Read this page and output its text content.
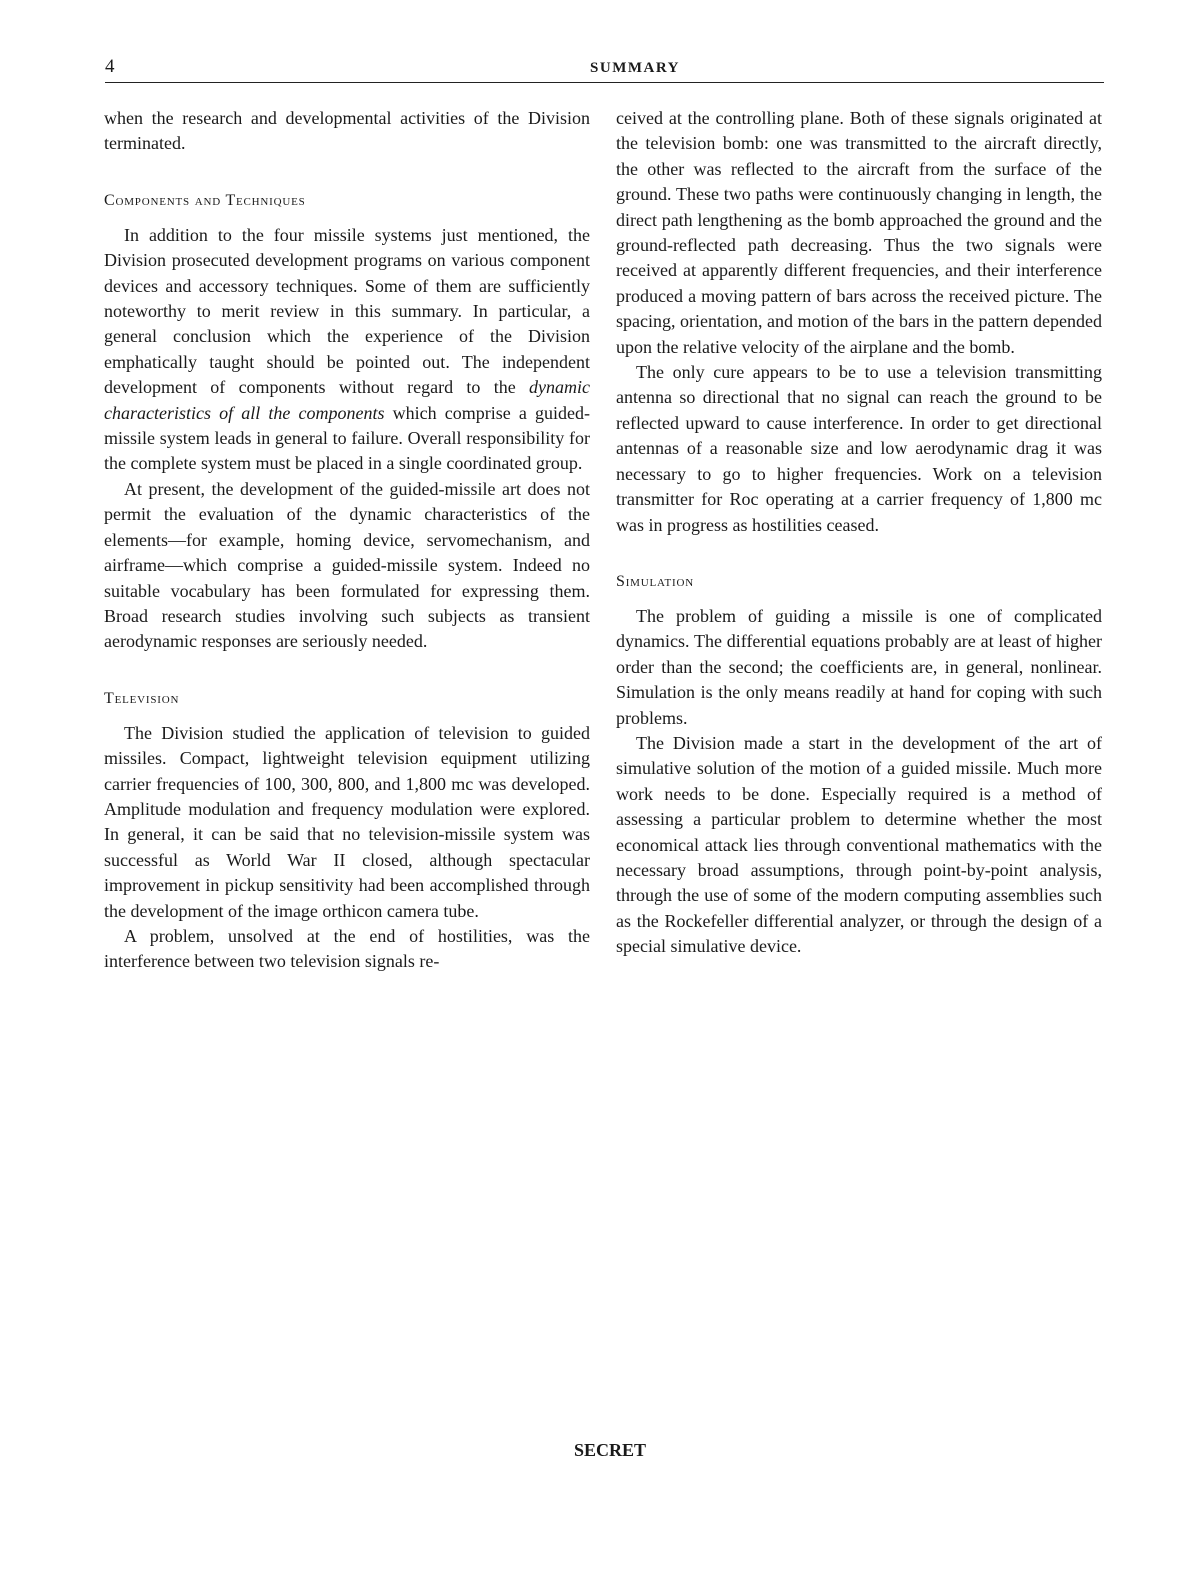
4	SUMMARY

when the research and developmental activities of the Division terminated.

Components and Techniques

In addition to the four missile systems just mentioned, the Division prosecuted development programs on various component devices and accessory techniques. Some of them are sufficiently noteworthy to merit review in this summary. In particular, a general conclusion which the experience of the Division emphatically taught should be pointed out. The independent development of components without regard to the dynamic characteristics of all the components which comprise a guided-missile system leads in general to failure. Overall responsibility for the complete system must be placed in a single coordinated group.

At present, the development of the guided-missile art does not permit the evaluation of the dynamic characteristics of the elements—for example, homing device, servomechanism, and airframe—which comprise a guided-missile system. Indeed no suitable vocabulary has been formulated for expressing them. Broad research studies involving such subjects as transient aerodynamic responses are seriously needed.

Television

The Division studied the application of television to guided missiles. Compact, lightweight television equipment utilizing carrier frequencies of 100, 300, 800, and 1,800 mc was developed. Amplitude modulation and frequency modulation were explored. In general, it can be said that no television-missile system was successful as World War II closed, although spectacular improvement in pickup sensitivity had been accomplished through the development of the image orthicon camera tube.

A problem, unsolved at the end of hostilities, was the interference between two television signals re-

ceived at the controlling plane. Both of these signals originated at the television bomb: one was transmitted to the aircraft directly, the other was reflected to the aircraft from the surface of the ground. These two paths were continuously changing in length, the direct path lengthening as the bomb approached the ground and the ground-reflected path decreasing. Thus the two signals were received at apparently different frequencies, and their interference produced a moving pattern of bars across the received picture. The spacing, orientation, and motion of the bars in the pattern depended upon the relative velocity of the airplane and the bomb.

The only cure appears to be to use a television transmitting antenna so directional that no signal can reach the ground to be reflected upward to cause interference. In order to get directional antennas of a reasonable size and low aerodynamic drag it was necessary to go to higher frequencies. Work on a television transmitter for Roc operating at a carrier frequency of 1,800 mc was in progress as hostilities ceased.

Simulation

The problem of guiding a missile is one of complicated dynamics. The differential equations probably are at least of higher order than the second; the coefficients are, in general, nonlinear. Simulation is the only means readily at hand for coping with such problems.

The Division made a start in the development of the art of simulative solution of the motion of a guided missile. Much more work needs to be done. Especially required is a method of assessing a particular problem to determine whether the most economical attack lies through conventional mathematics with the necessary broad assumptions, through point-by-point analysis, through the use of some of the modern computing assemblies such as the Rockefeller differential analyzer, or through the design of a special simulative device.

SECRET
